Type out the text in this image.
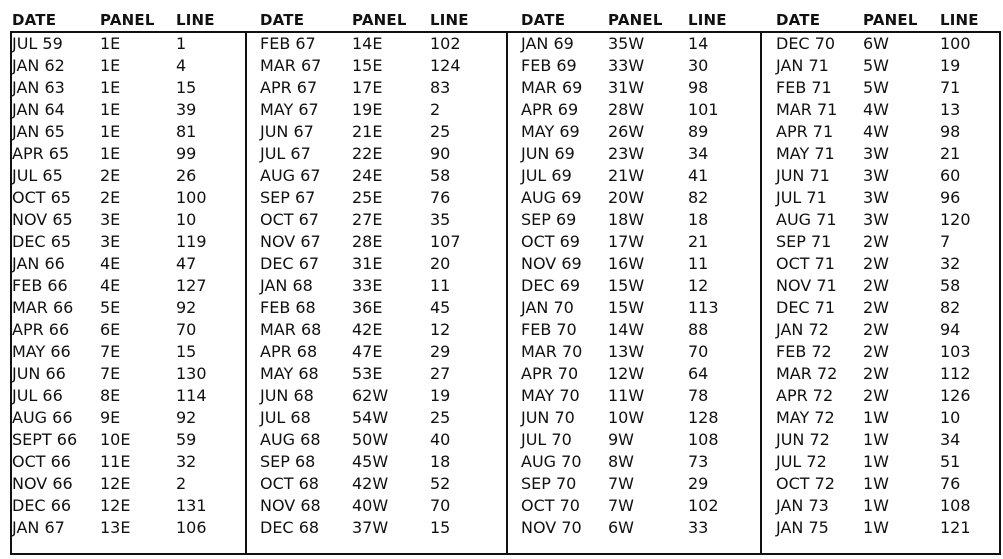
DATE	PANEL LINE
JUL 59 1E	1
JAN 62 1E	4
JAN 63 1E	15
JAN 64 1E	39
JAN 65 1E	81
APR 65 1E	99
JUL 65 2E	26
OCT 65 2E	100
NOV 65 3E	10
DEC 65 3E	119
JAN 66 4E	47
FEB 66 4E	127
MAR 66 5E	92
APR 66 6E	70
MAY 66 7E	15
JUN 66 7E	130
JUL 66 8E	114
AUG 66 9E	92
SEPT 66 10E	59
OCT 66 11E	32
NOV 66 12E	2
DEC 66 12E	131
JAN 67 13E	106
DATE	PANEL LINE
FEB 67 14E	102
MAR 67 15E	124
APR 67 17E	83
MAY 67 19E	2
JUN 67 21E	25
JUL 67	22E	90
AUG 67 24E	58
SEP 67 25E	76
OCT 67 27E	35
NOV 67 28E	107
DEC 67 31E	20
JAN 68 33E	11
FEB 68 36E	45
MAR 68 42E	12
APR 68 47E	29
MAY 68 53E	27
JUN 68 62W	19
JUL 68	54W	25
AUG 68 50W	40
SEP 68 45W	18
OCT 68 42W	52
NOV 68 40W	70
DEC 68 37W	15
DATE	PANEL LINE
JAN 69 35W	14
FEB 69 33W	30
MAR 69 31W	98
APR 69 28W	101
MAY 69 26W	89
JUN 69 23W	34
JUL 69 21W	41
AUG 69 20W	82
SEP 69 18W	18
OCT 69 17W	21
NOV 69 16W	11
DEC 69 15W	12
JAN 70 15W	113
FEB 70 14W	88
MAR 70 13W	70
APR 70 12W	64
MAY 70 11W	78
JUN 70 10W	128
JUL 70 9W	108
AUG 70 8W	73
SEP 70 7W	29
OCT 70 7W	102
NOV 70 6W	33
DATE	PANEL LINE
DEC 70 6W	100
JAN 71 5W	19
FEB 71 5W	71
MAR 71 4W	13
APR 71 4W	98
MAY 71 3W	21
JUN 71 3W	60
JUL 71 3W	96
AUG 71 3W	120
SEP 71 2W	7
OCT 71 2W	32
NOV 71 2W	58
DEC 71 2W	82
JAN 72 2W	94
FEB 72 2W	103
MAR 72 2W	112
APR 72 2W	126
MAY 72 1W	10
JUN 72 1W	34
JUL 72 1W	51
OCT 72 1W	76
JAN 73 1W	108
JAN 75 1W	121
